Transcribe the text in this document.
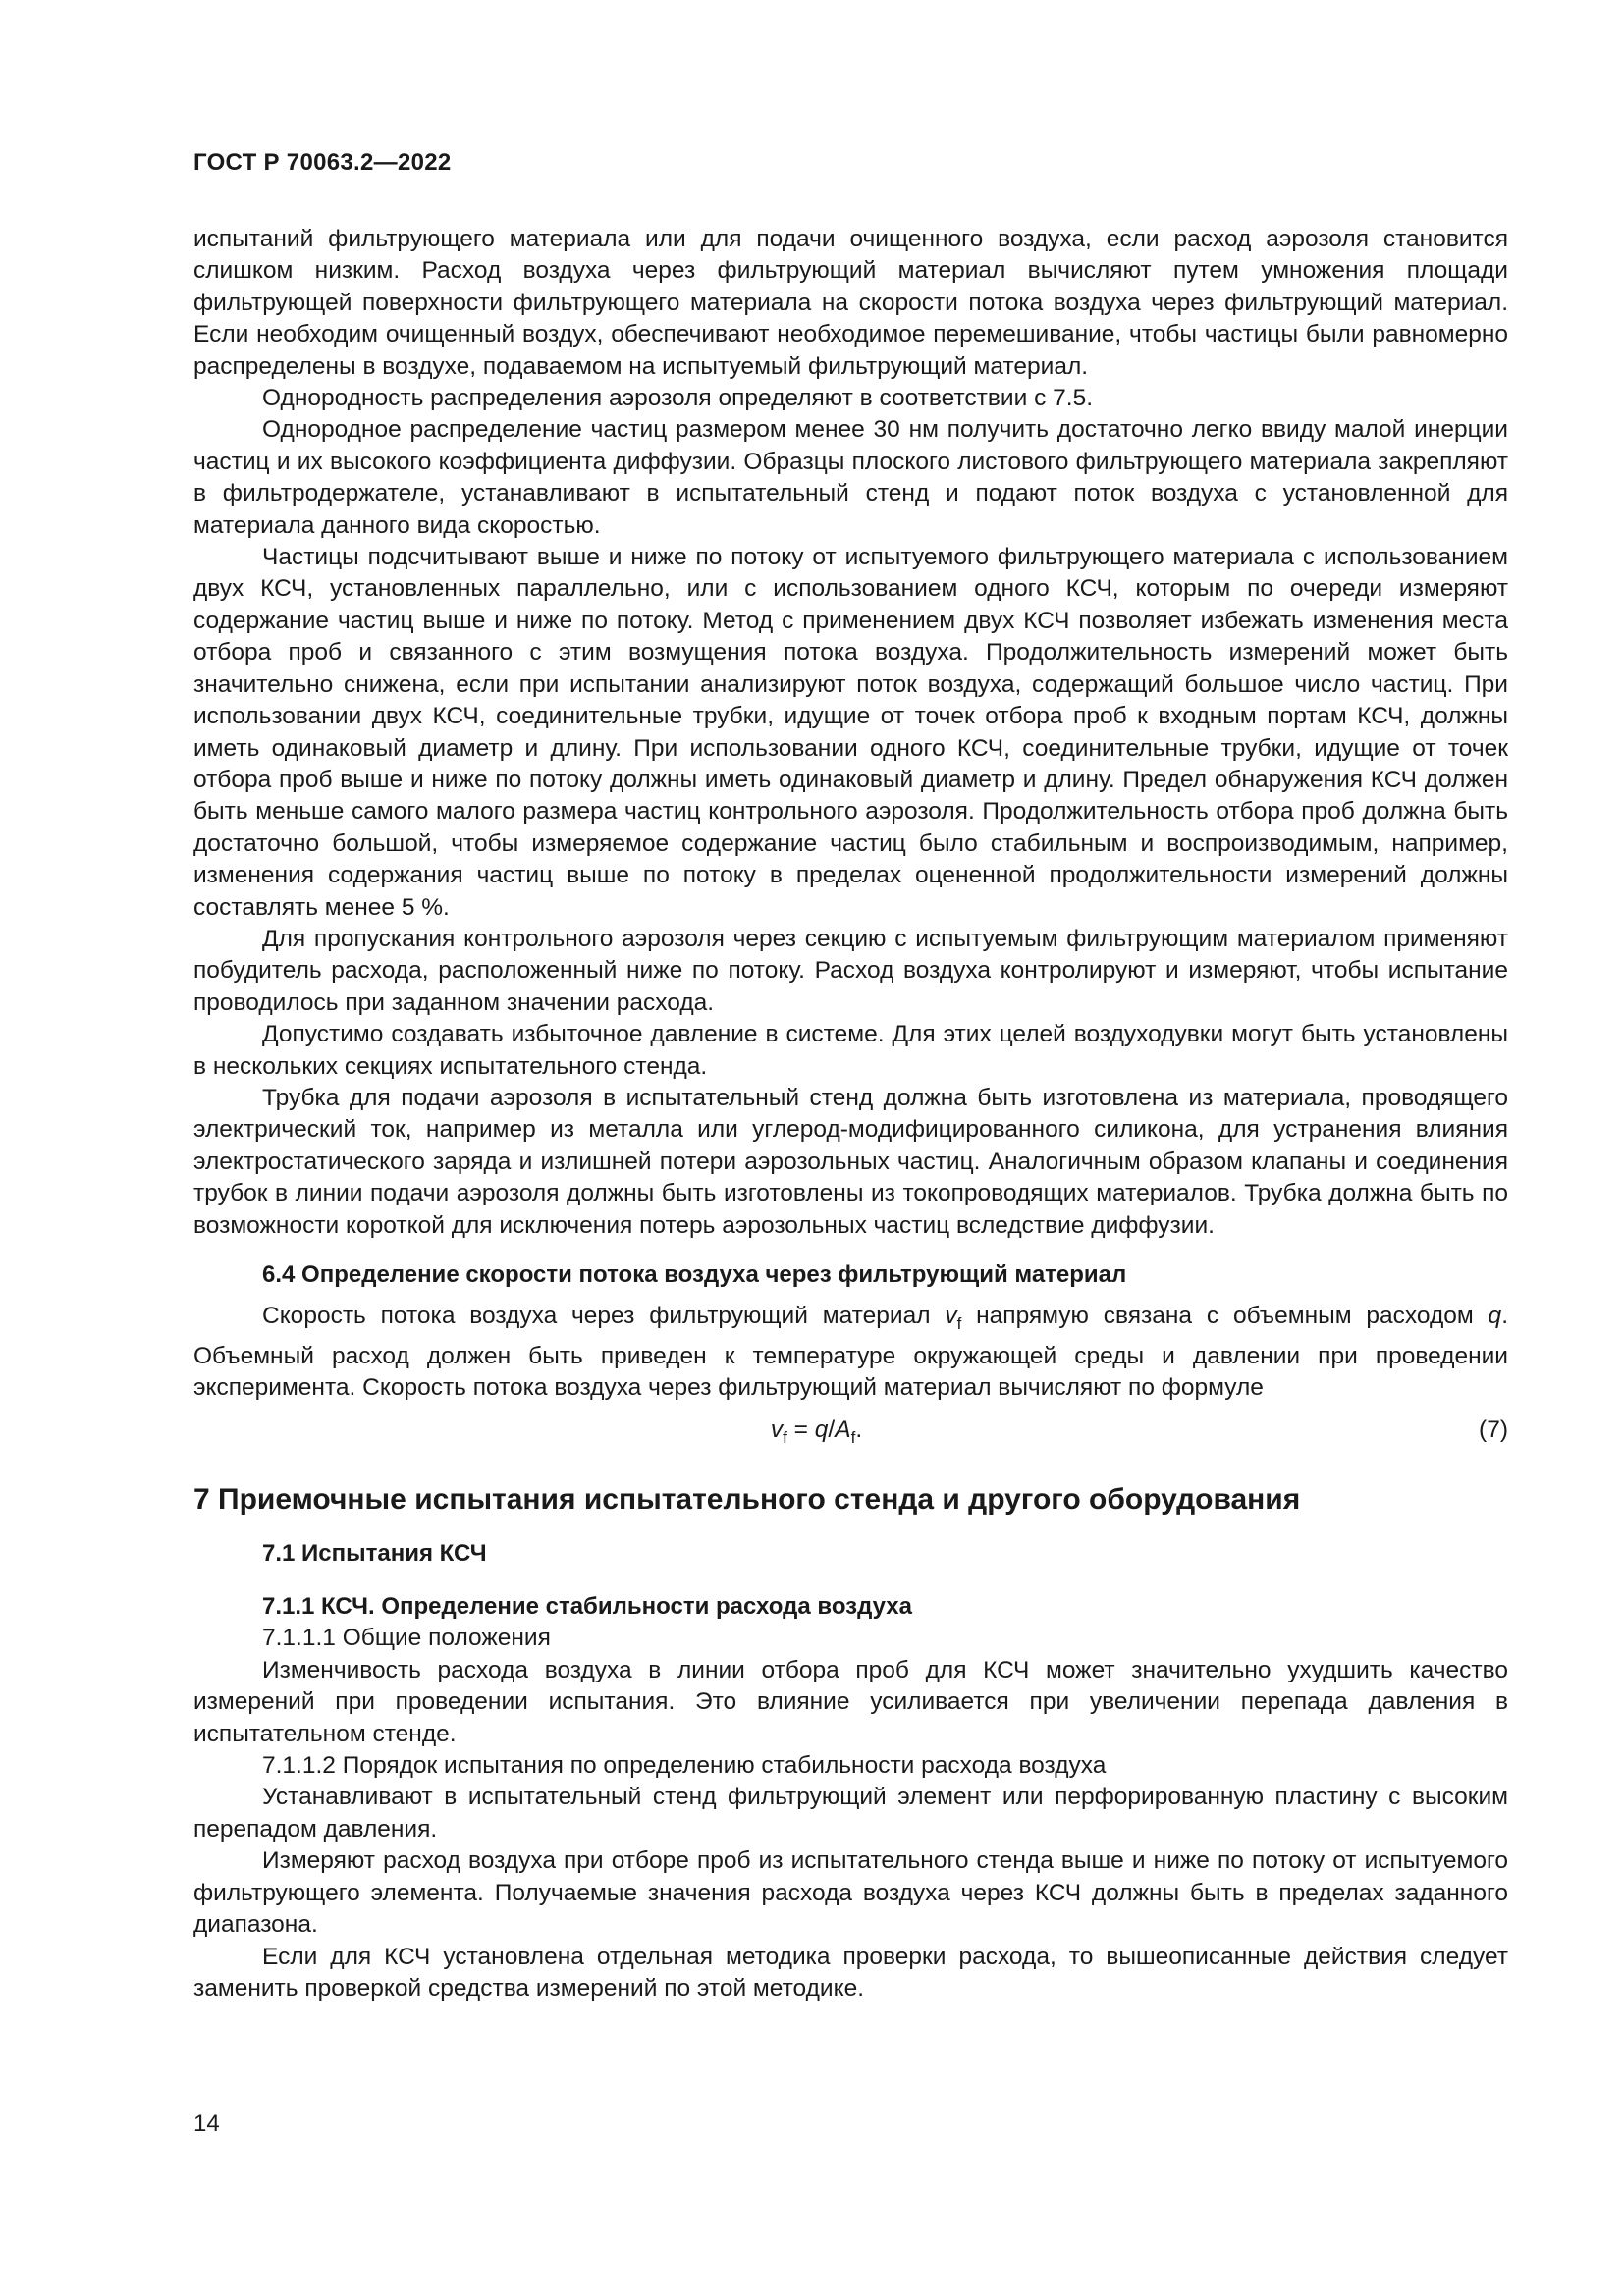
ГОСТ Р 70063.2—2022

испытаний фильтрующего материала или для подачи очищенного воздуха, если расход аэрозоля становится слишком низким. Расход воздуха через фильтрующий материал вычисляют путем умножения площади фильтрующей поверхности фильтрующего материала на скорости потока воздуха через фильтрующий материал. Если необходим очищенный воздух, обеспечивают необходимое перемешивание, чтобы частицы были равномерно распределены в воздухе, подаваемом на испытуемый фильтрующий материал.

Однородность распределения аэрозоля определяют в соответствии с 7.5.

Однородное распределение частиц размером менее 30 нм получить достаточно легко ввиду малой инерции частиц и их высокого коэффициента диффузии. Образцы плоского листового фильтрующего материала закрепляют в фильтродержателе, устанавливают в испытательный стенд и подают поток воздуха с установленной для материала данного вида скоростью.

Частицы подсчитывают выше и ниже по потоку от испытуемого фильтрующего материала с использованием двух КСЧ, установленных параллельно, или с использованием одного КСЧ, которым по очереди измеряют содержание частиц выше и ниже по потоку. Метод с применением двух КСЧ позволяет избежать изменения места отбора проб и связанного с этим возмущения потока воздуха. Продолжительность измерений может быть значительно снижена, если при испытании анализируют поток воздуха, содержащий большое число частиц. При использовании двух КСЧ, соединительные трубки, идущие от точек отбора проб к входным портам КСЧ, должны иметь одинаковый диаметр и длину. При использовании одного КСЧ, соединительные трубки, идущие от точек отбора проб выше и ниже по потоку должны иметь одинаковый диаметр и длину. Предел обнаружения КСЧ должен быть меньше самого малого размера частиц контрольного аэрозоля. Продолжительность отбора проб должна быть достаточно большой, чтобы измеряемое содержание частиц было стабильным и воспроизводимым, например, изменения содержания частиц выше по потоку в пределах оцененной продолжительности измерений должны составлять менее 5 %.

Для пропускания контрольного аэрозоля через секцию с испытуемым фильтрующим материалом применяют побудитель расхода, расположенный ниже по потоку. Расход воздуха контролируют и измеряют, чтобы испытание проводилось при заданном значении расхода.

Допустимо создавать избыточное давление в системе. Для этих целей воздуходувки могут быть установлены в нескольких секциях испытательного стенда.

Трубка для подачи аэрозоля в испытательный стенд должна быть изготовлена из материала, проводящего электрический ток, например из металла или углерод-модифицированного силикона, для устранения влияния электростатического заряда и излишней потери аэрозольных частиц. Аналогичным образом клапаны и соединения трубок в линии подачи аэрозоля должны быть изготовлены из токопроводящих материалов. Трубка должна быть по возможности короткой для исключения потерь аэрозольных частиц вследствие диффузии.

6.4 Определение скорости потока воздуха через фильтрующий материал

Скорость потока воздуха через фильтрующий материал $v_f$ напрямую связана с объемным расходом q. Объемный расход должен быть приведен к температуре окружающей среды и давлении при проведении эксперимента. Скорость потока воздуха через фильтрующий материал вычисляют по формуле

$v_f = q/A_f$.	(7)
7 Приемочные испытания испытательного стенда и другого оборудования
7.1 Испытания КСЧ
7.1.1 КСЧ. Определение стабильности расхода воздуха

7.1.1.1 Общие положения

Изменчивость расхода воздуха в линии отбора проб для КСЧ может значительно ухудшить качество измерений при проведении испытания. Это влияние усиливается при увеличении перепада давления в испытательном стенде.

7.1.1.2 Порядок испытания по определению стабильности расхода воздуха

Устанавливают в испытательный стенд фильтрующий элемент или перфорированную пластину с высоким перепадом давления.

Измеряют расход воздуха при отборе проб из испытательного стенда выше и ниже по потоку от испытуемого фильтрующего элемента. Получаемые значения расхода воздуха через КСЧ должны быть в пределах заданного диапазона.

Если для КСЧ установлена отдельная методика проверки расхода, то вышеописанные действия следует заменить проверкой средства измерений по этой методике.

14
